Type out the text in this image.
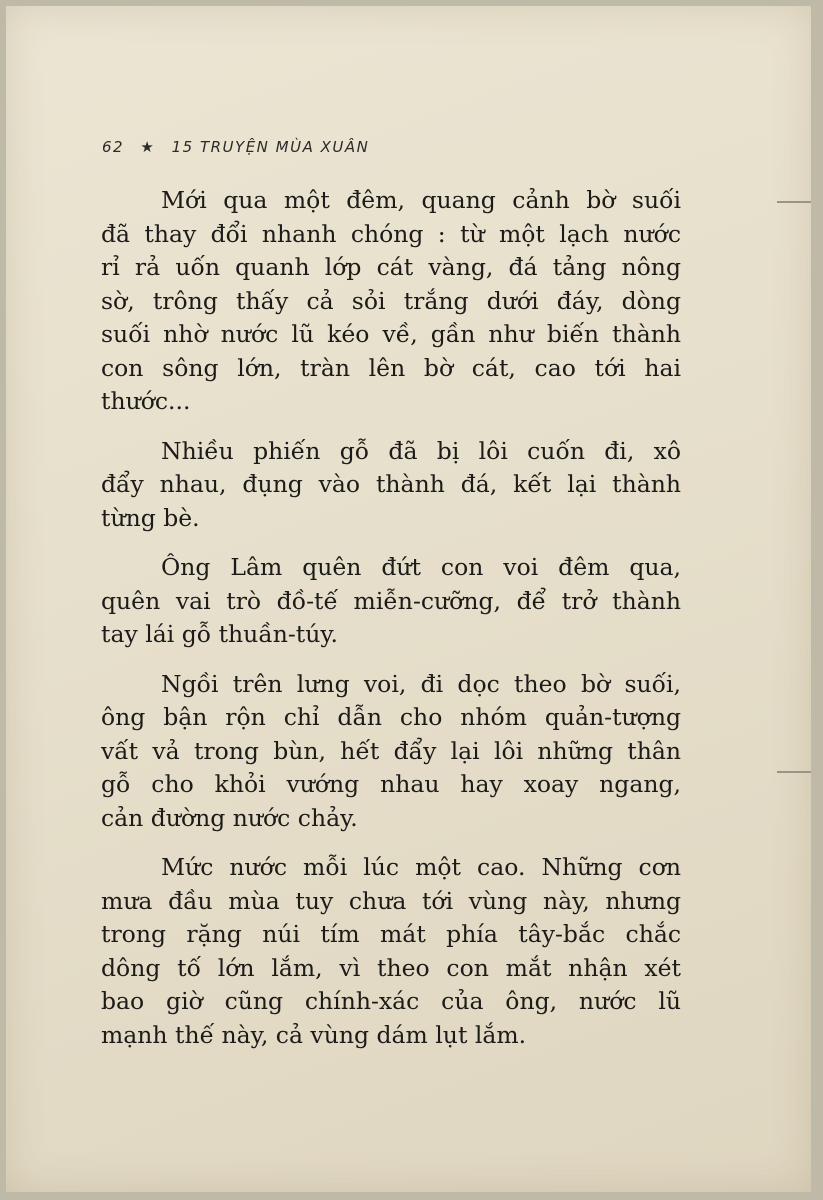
62 ★ 15 TRUYỆN MÙA XUÂN
Mới qua một đêm, quang cảnh bờ suối
đã thay đổi nhanh chóng : từ một lạch nước
rỉ rả uốn quanh lớp cát vàng, đá tảng nông
sờ, trông thấy cả sỏi trắng dưới đáy, dòng
suối nhờ nước lũ kéo về, gần như biến thành
con sông lớn, tràn lên bờ cát, cao tới hai
thước...
Nhiều phiến gỗ đã bị lôi cuốn đi, xô
đẩy nhau, đụng vào thành đá, kết lại thành
từng bè.
Ông Lâm quên đứt con voi đêm qua,
quên vai trò đồ-tế miễn-cưỡng, để trở thành
tay lái gỗ thuần-túy.
Ngồi trên lưng voi, đi dọc theo bờ suối,
ông bận rộn chỉ dẫn cho nhóm quản-tượng
vất vả trong bùn, hết đẩy lại lôi những thân
gỗ cho khỏi vướng nhau hay xoay ngang,
cản đường nước chảy.
Mức nước mỗi lúc một cao. Những cơn
mưa đầu mùa tuy chưa tới vùng này, nhưng
trong rặng núi tím mát phía tây-bắc chắc
dông tố lớn lắm, vì theo con mắt nhận xét
bao giờ cũng chính-xác của ông, nước lũ
mạnh thế này, cả vùng dám lụt lắm.
